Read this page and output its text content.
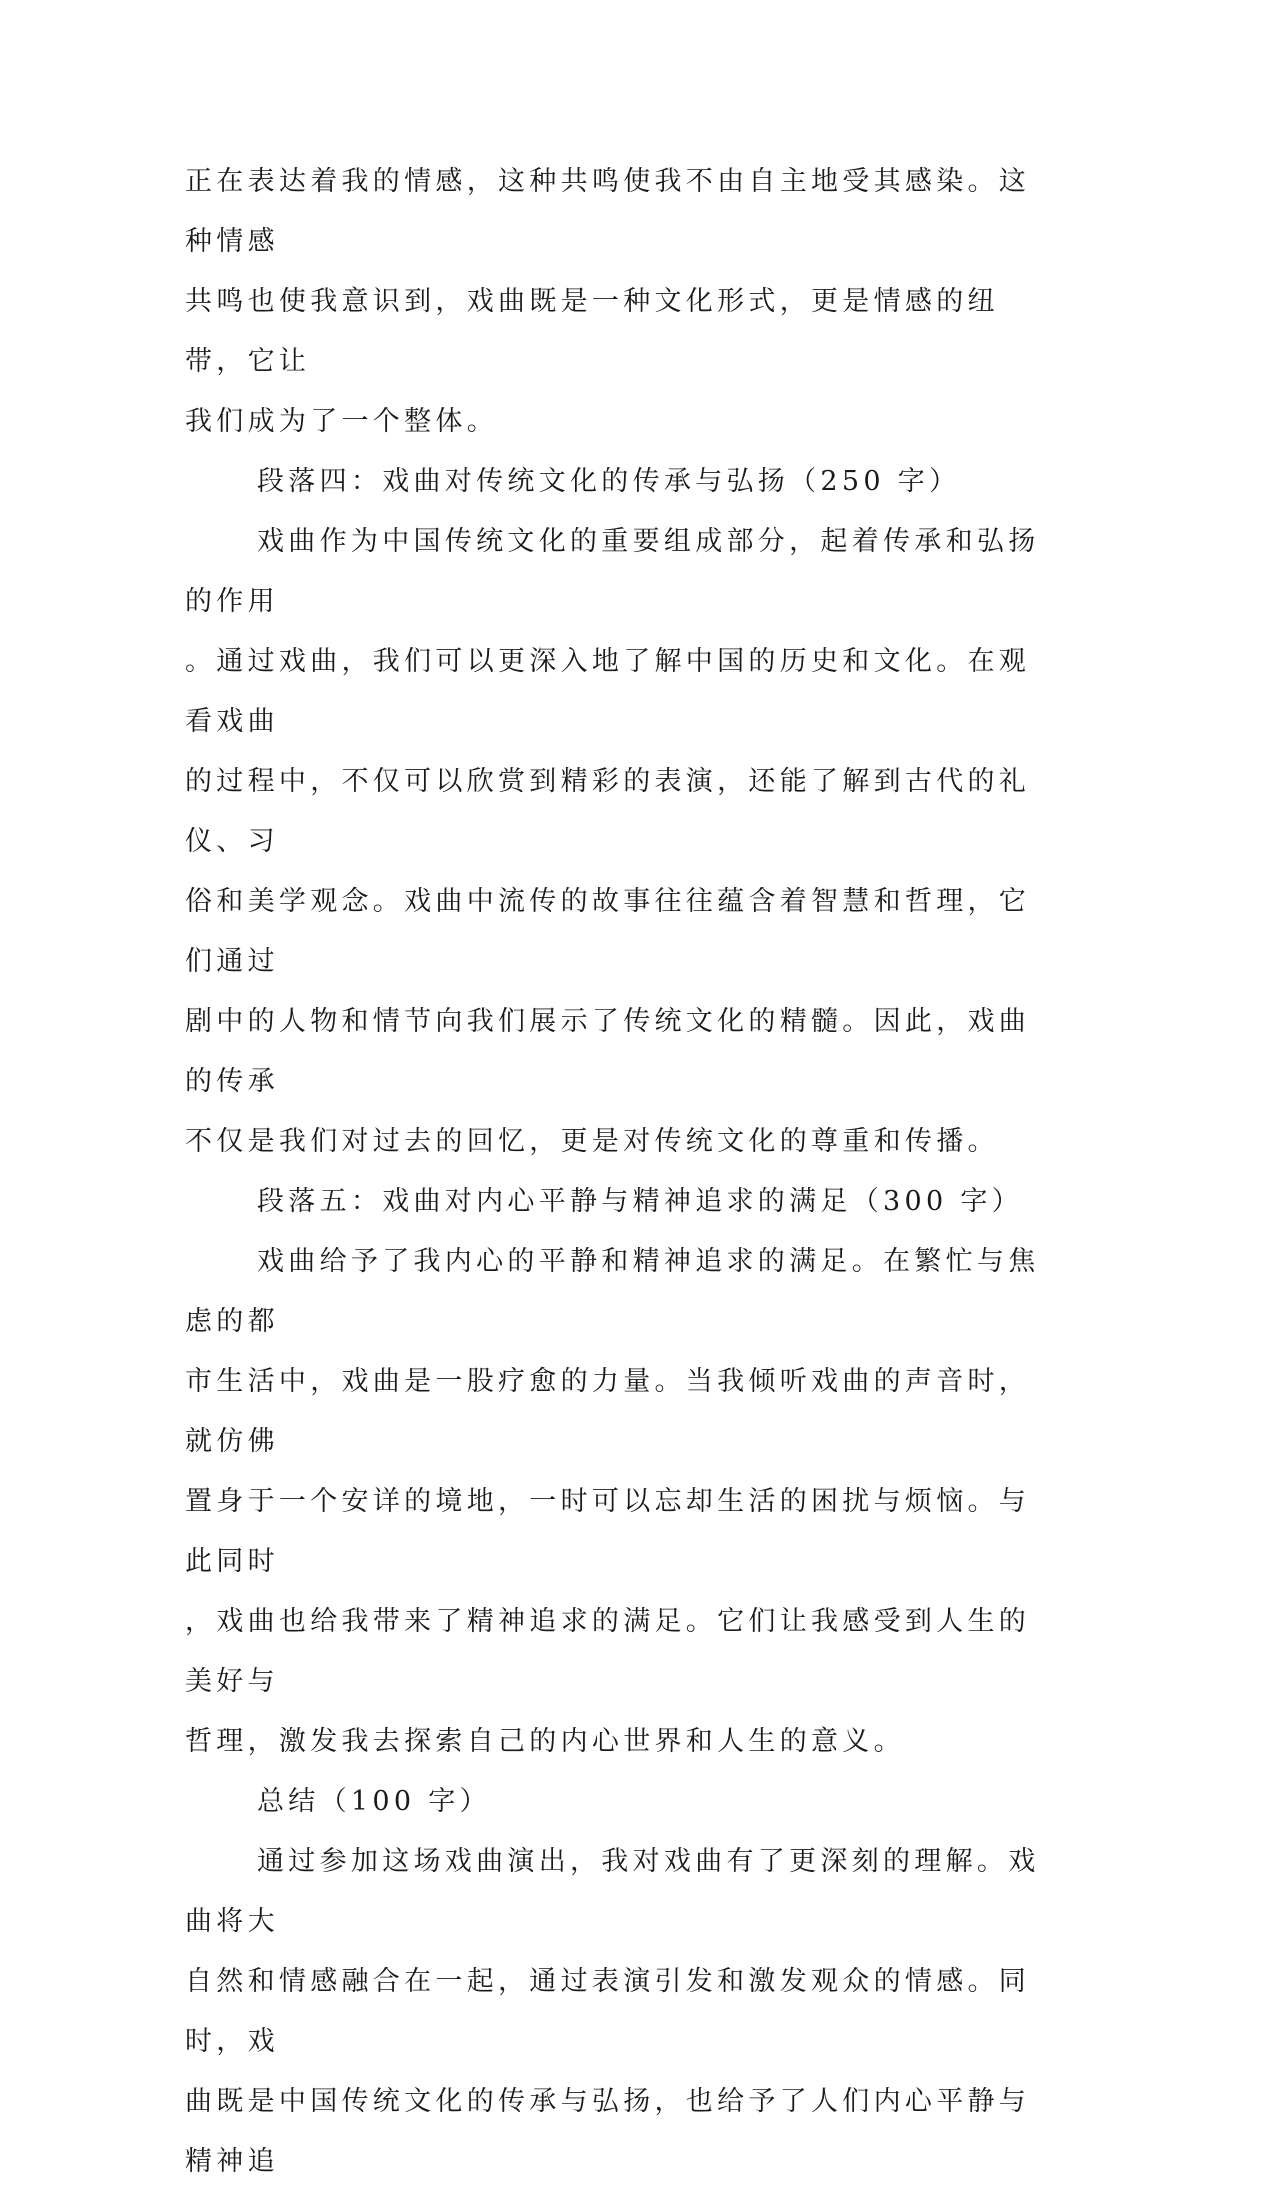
正在表达着我的情感，这种共鸣使我不由自主地受其感染。这种情感
共鸣也使我意识到，戏曲既是一种文化形式，更是情感的纽带，它让
我们成为了一个整体。

段落四：戏曲对传统文化的传承与弘扬（250 字）

戏曲作为中国传统文化的重要组成部分，起着传承和弘扬的作用
。通过戏曲，我们可以更深入地了解中国的历史和文化。在观看戏曲
的过程中，不仅可以欣赏到精彩的表演，还能了解到古代的礼仪、习
俗和美学观念。戏曲中流传的故事往往蕴含着智慧和哲理，它们通过
剧中的人物和情节向我们展示了传统文化的精髓。因此，戏曲的传承
不仅是我们对过去的回忆，更是对传统文化的尊重和传播。

段落五：戏曲对内心平静与精神追求的满足（300 字）

戏曲给予了我内心的平静和精神追求的满足。在繁忙与焦虑的都
市生活中，戏曲是一股疗愈的力量。当我倾听戏曲的声音时，就仿佛
置身于一个安详的境地，一时可以忘却生活的困扰与烦恼。与此同时
，戏曲也给我带来了精神追求的满足。它们让我感受到人生的美好与
哲理，激发我去探索自己的内心世界和人生的意义。

总结（100 字）

通过参加这场戏曲演出，我对戏曲有了更深刻的理解。戏曲将大
自然和情感融合在一起，通过表演引发和激发观众的情感。同时，戏
曲既是中国传统文化的传承与弘扬，也给予了人们内心平静与精神追
